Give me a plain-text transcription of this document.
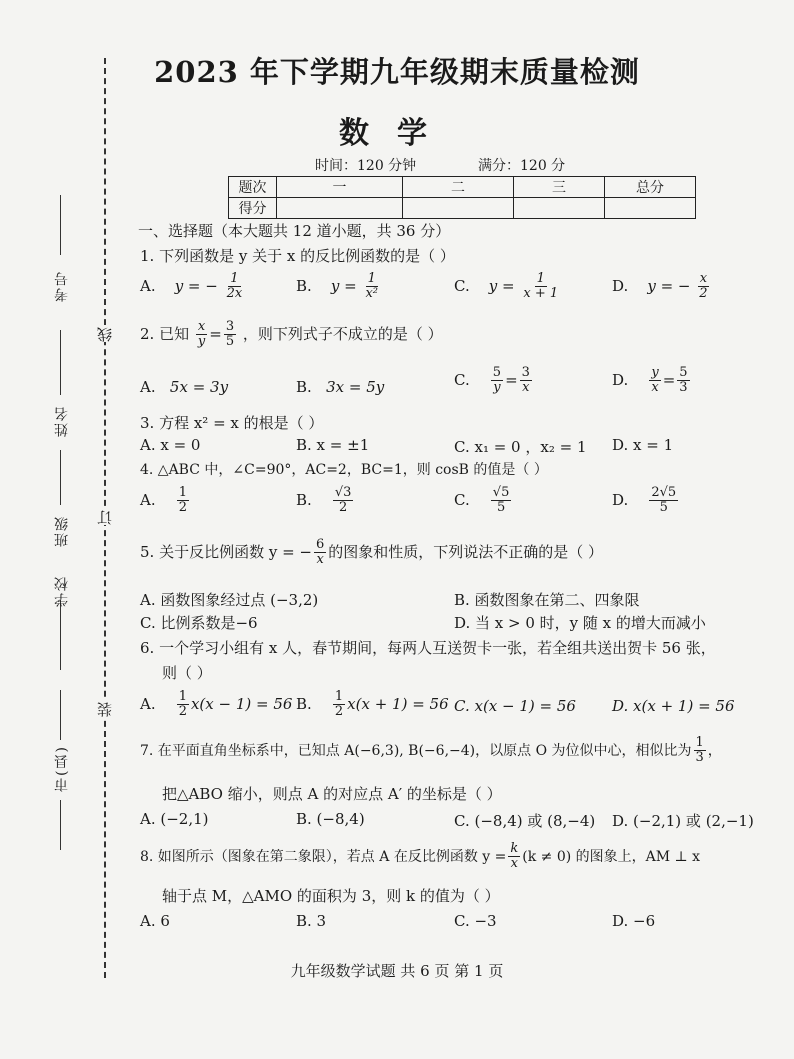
考号
姓名
班级
学校
市(县)
线
订
装
2023 年下学期九年级期末质量检测
数学
时间：120 分钟	满分：120 分
题次	一	二	三	总分
得分				
一、选择题（本大题共 12 道小题，共 36 分）
1. 下列函数是 y 关于 x 的反比例函数的是（ ）
A. y = − $\frac{1}{2x}$	B. $y = \frac{1}{\text{x²}}$	C. $y = \frac{1}{x + 1}$	D. y = − $\frac{x}{2}$
2. 已知 $\frac{x}{y} = \frac{3}{5}$ ，则下列式子不成立的是（ ）
A. 5x = 3y	B. 3x = 5y	C. $\frac{5}{y} = \frac{3}{x}$	D. $\frac{y}{x} = \frac{5}{3}$
3. 方程 x² = x 的根是（ ）
A. x = 0	B. x = ±1	C. x₁ = 0 ，x₂ = 1 D. x = 1
4. △ABC 中，∠C=90°，AC=2，BC=1，则 cosB 的值是（ ）
A. $\frac{1}{2}$	B. $\frac{√3}{2}$	C. $\frac{√5}{5}$	D. $\frac{2√5}{5}$
5. 关于反比例函数 y = − $\frac{6}{x}$ 的图象和性质，下列说法不正确的是（ ）
A. 函数图象经过点 (−3,2)	B. 函数图象在第二、四象限
C. 比例系数是−6	D. 当 x > 0 时，y 随 x 的增大而减小
6. 一个学习小组有 x 人，春节期间，每两人互送贺卡一张，若全组共送出贺卡 56 张，
则（ ）
A. $\frac{1}{2} x(x - 1) = 56$ B. $\frac{1}{2} x(x + 1) = 56$ C. x(x − 1) = 56 D. x(x + 1) = 56
7. 在平面直角坐标系中，已知点 A(−6,3), B(−6,−4)，以原点 O 为位似中心，相似比为 $\frac{1}{3}$ ，
把△ABO 缩小，则点 A 的对应点 A′ 的坐标是（ ）
A. (−2,1)	B. (−8,4)	C. (−8,4) 或 (8,−4) D. (−2,1) 或 (2,−1)
8. 如图所示（图象在第二象限），若点 A 在反比例函数 $y = \frac{k}{x} (k \ne 0)$ 的图象上，AM ⊥ x
轴于点 M，△AMO 的面积为 3，则 k 的值为（ ）
A. 6	B. 3	C. −3	D. −6
九年级数学试题 共 6 页 第 1 页
